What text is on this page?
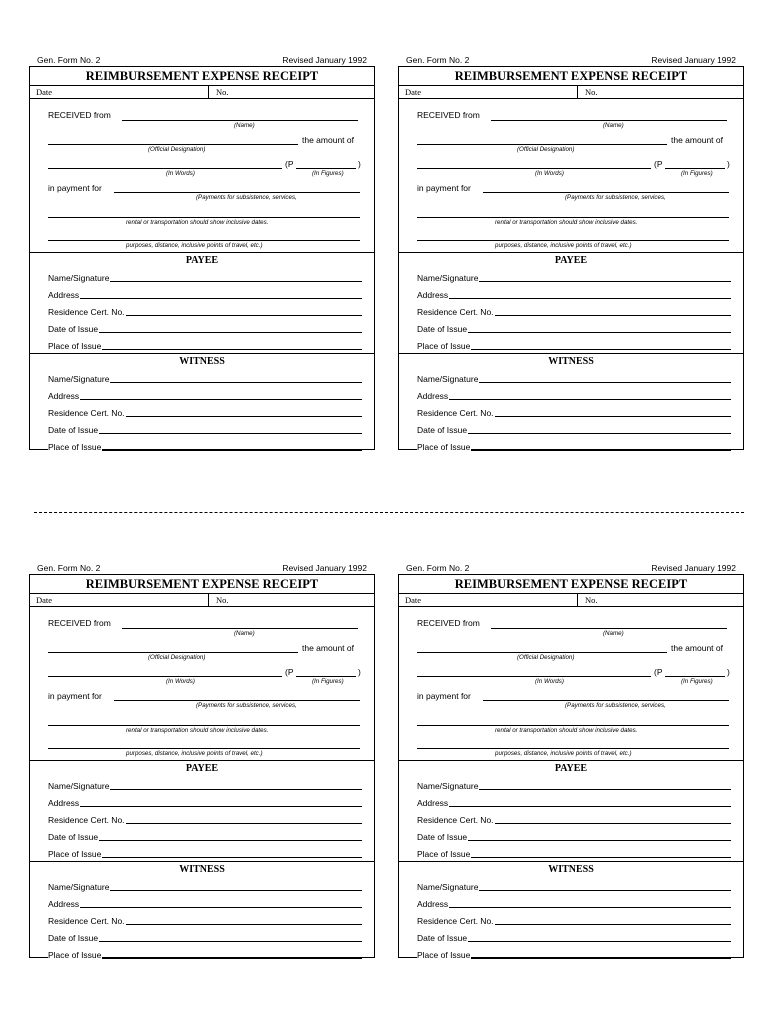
Gen. Form No. 2	Revised January 1992
REIMBURSEMENT EXPENSE RECEIPT
Date	No.
RECEIVED from
(Name)
the amount of
(Official Designation)
(P	)
(In Words)	(In Figures)
in payment for
(Payments for subsistence, services,
rental or transportation should show inclusive dates.
purposes, distance, inclusive points of travel, etc.)
PAYEE
Name/Signature
Address
Residence Cert. No.
Date of Issue
Place of Issue
WITNESS
Name/Signature
Address
Residence Cert. No.
Date of Issue
Place of Issue
Gen. Form No. 2	Revised January 1992
REIMBURSEMENT EXPENSE RECEIPT
Date	No.
RECEIVED from
(Name)
the amount of
(Official Designation)
(P	)
(In Words)	(In Figures)
in payment for
(Payments for subsistence, services,
rental or transportation should show inclusive dates.
purposes, distance, inclusive points of travel, etc.)
PAYEE
Name/Signature
Address
Residence Cert. No.
Date of Issue
Place of Issue
WITNESS
Name/Signature
Address
Residence Cert. No.
Date of Issue
Place of Issue
Gen. Form No. 2	Revised January 1992
REIMBURSEMENT EXPENSE RECEIPT
Date	No.
RECEIVED from
(Name)
the amount of
(Official Designation)
(P	)
(In Words)	(In Figures)
in payment for
(Payments for subsistence, services,
rental or transportation should show inclusive dates.
purposes, distance, inclusive points of travel, etc.)
PAYEE
Name/Signature
Address
Residence Cert. No.
Date of Issue
Place of Issue
WITNESS
Name/Signature
Address
Residence Cert. No.
Date of Issue
Place of Issue
Gen. Form No. 2	Revised January 1992
REIMBURSEMENT EXPENSE RECEIPT
Date	No.
RECEIVED from
(Name)
the amount of
(Official Designation)
(P	)
(In Words)	(In Figures)
in payment for
(Payments for subsistence, services,
rental or transportation should show inclusive dates.
purposes, distance, inclusive points of travel, etc.)
PAYEE
Name/Signature
Address
Residence Cert. No.
Date of Issue
Place of Issue
WITNESS
Name/Signature
Address
Residence Cert. No.
Date of Issue
Place of Issue
